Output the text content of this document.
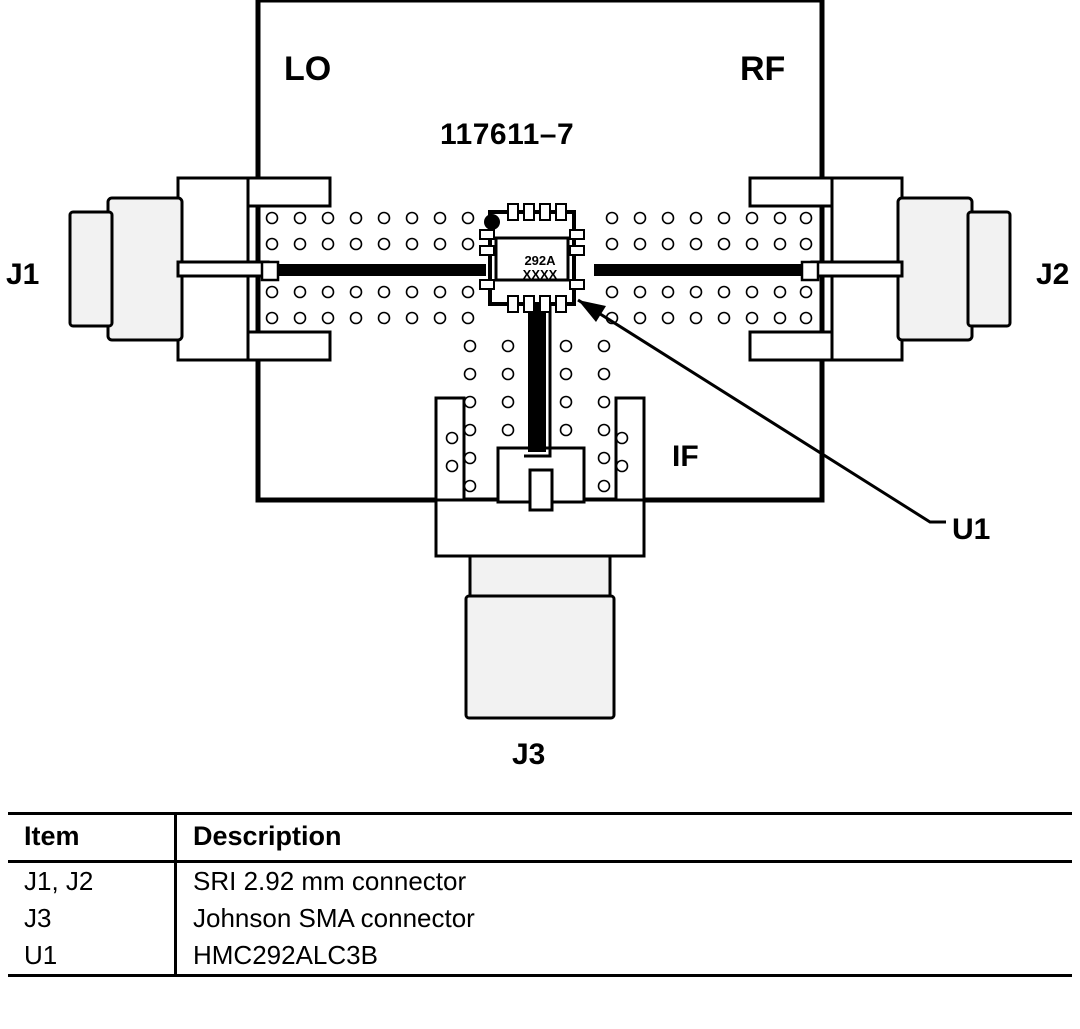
LO	RF
117611–7
J1	J2
IF
U1
J3
292A
XXXX
Item	Description
J1, J2	SRI 2.92 mm connector
J3	Johnson SMA connector
U1	HMC292ALC3B
